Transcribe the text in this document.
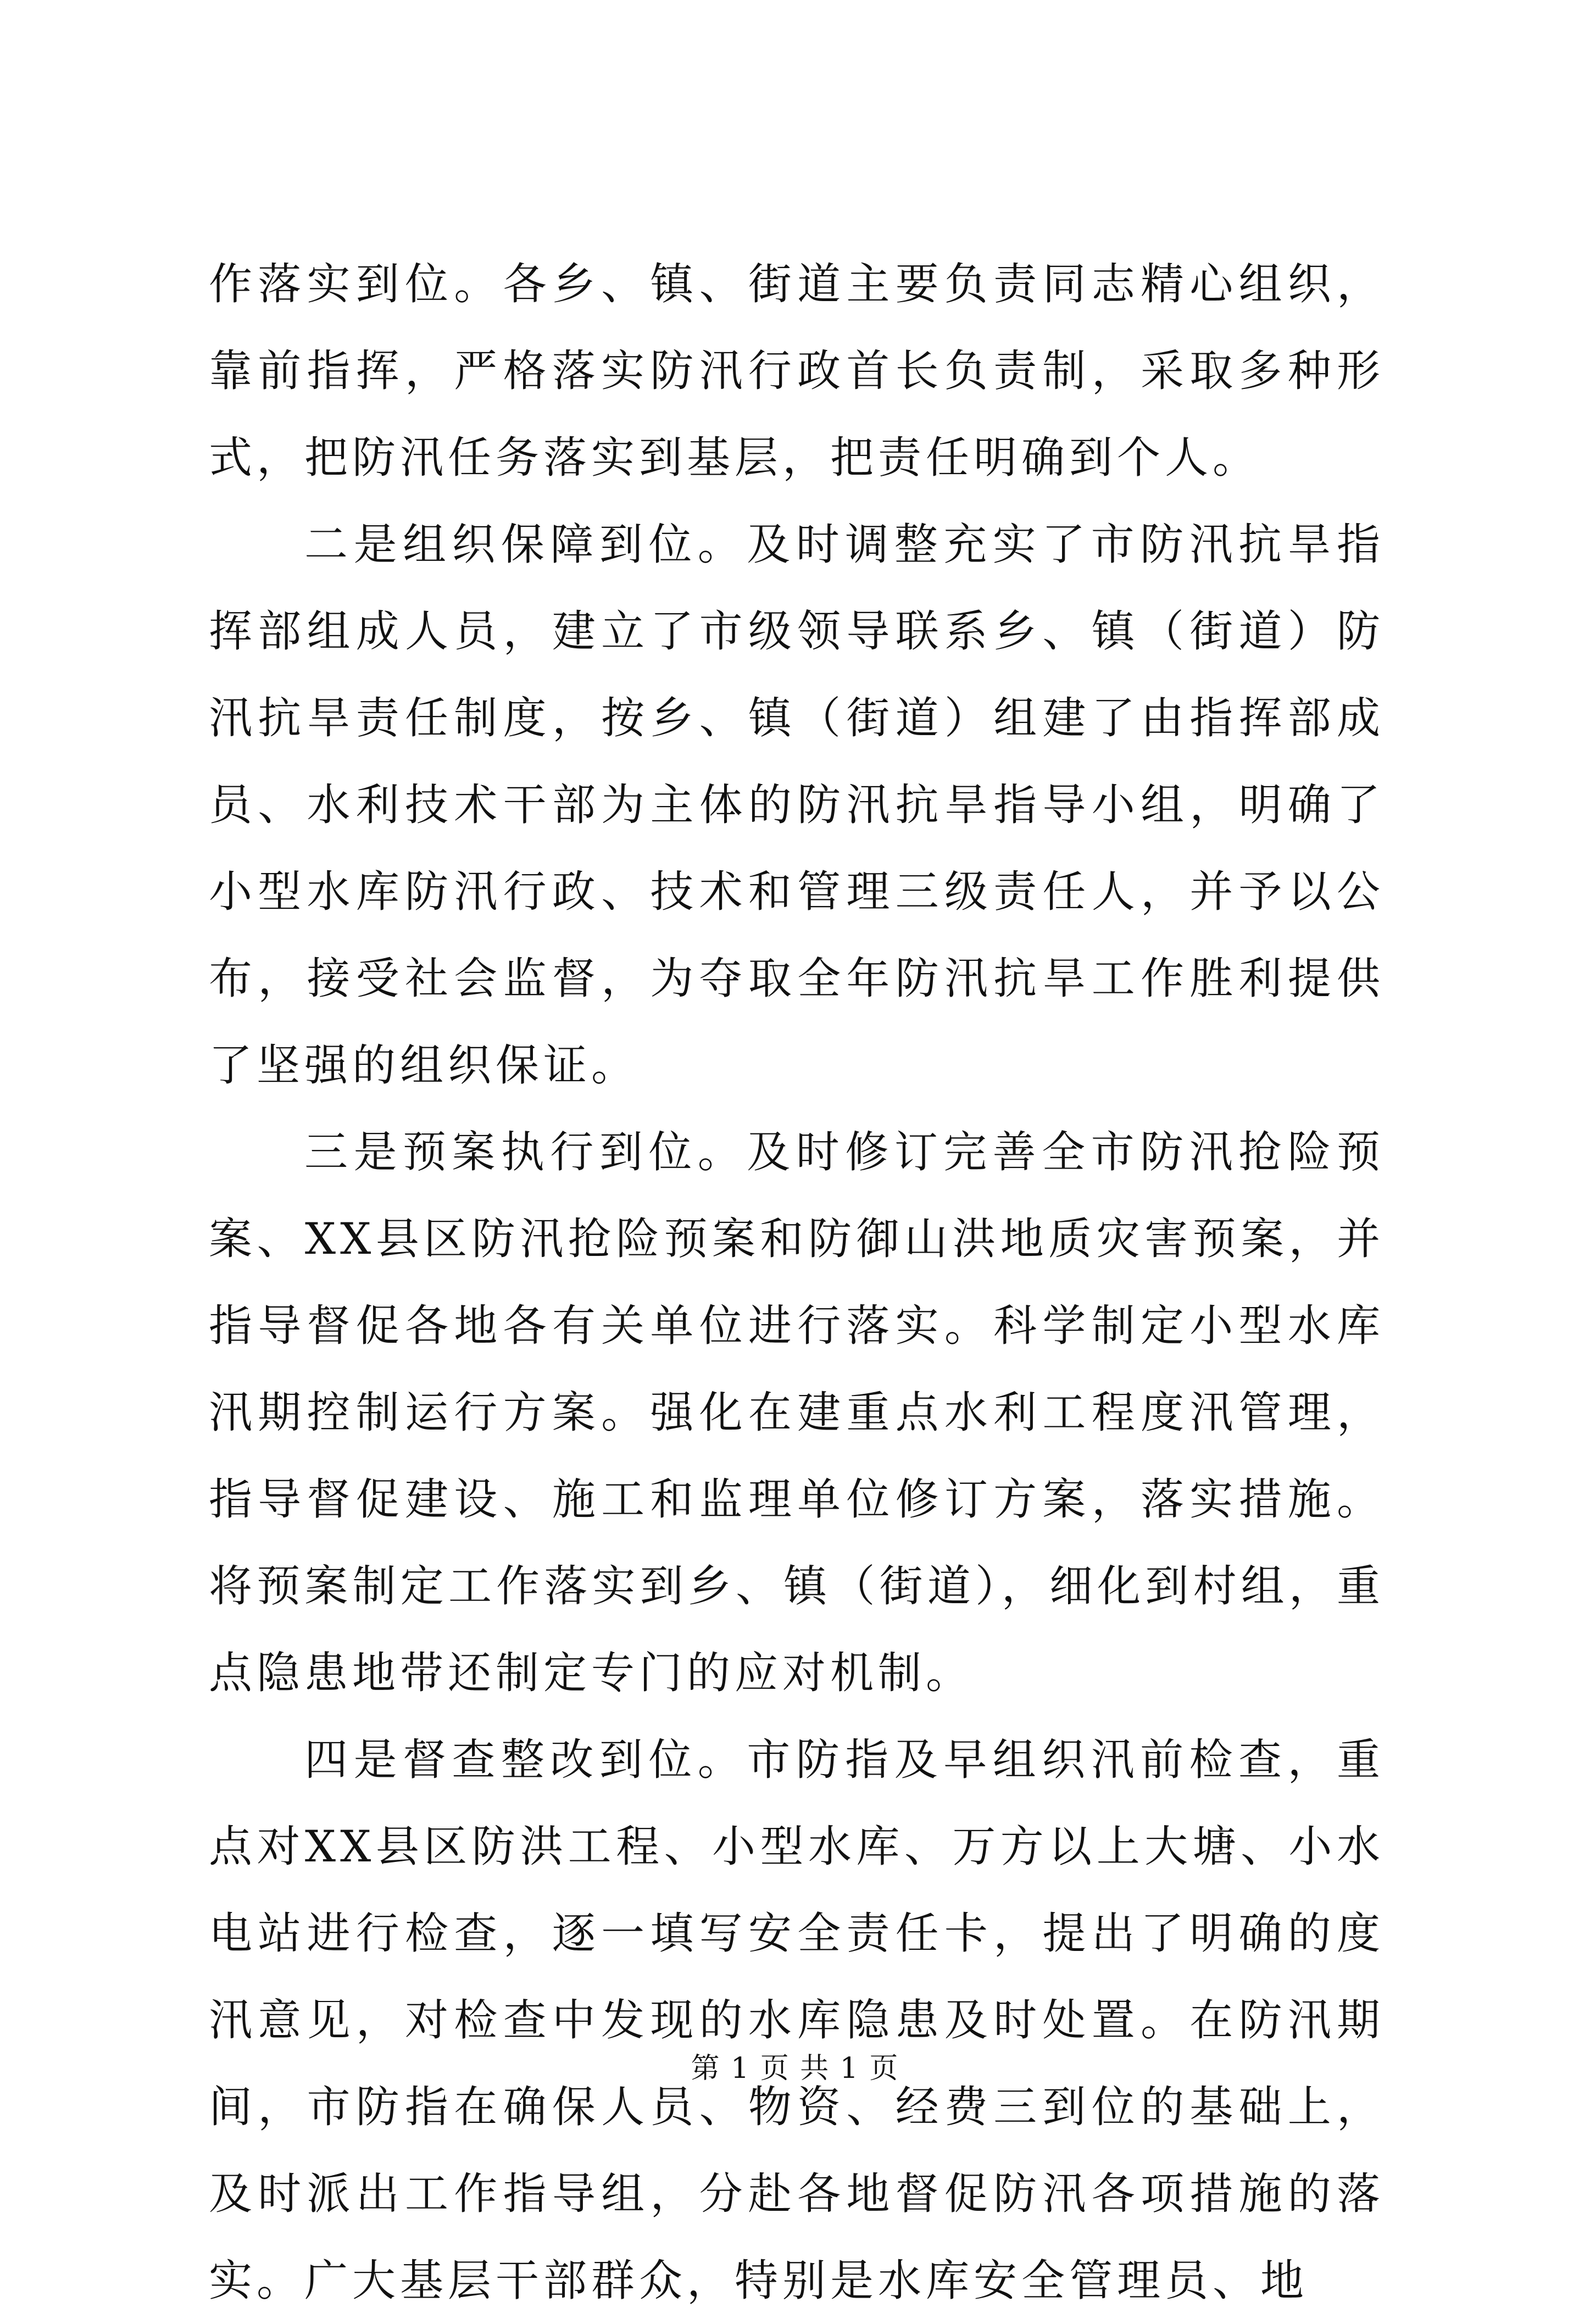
作落实到位。各乡、镇、街道主要负责同志精心组织，靠前指挥，严格落实防汛行政首长负责制，采取多种形式，把防汛任务落实到基层，把责任明确到个人。

二是组织保障到位。及时调整充实了市防汛抗旱指挥部组成人员，建立了市级领导联系乡、镇（街道）防汛抗旱责任制度，按乡、镇（街道）组建了由指挥部成员、水利技术干部为主体的防汛抗旱指导小组，明确了小型水库防汛行政、技术和管理三级责任人，并予以公布，接受社会监督，为夺取全年防汛抗旱工作胜利提供了坚强的组织保证。

三是预案执行到位。及时修订完善全市防汛抢险预案、XX县区防汛抢险预案和防御山洪地质灾害预案，并指导督促各地各有关单位进行落实。科学制定小型水库汛期控制运行方案。强化在建重点水利工程度汛管理，指导督促建设、施工和监理单位修订方案，落实措施。将预案制定工作落实到乡、镇（街道），细化到村组，重点隐患地带还制定专门的应对机制。

四是督查整改到位。市防指及早组织汛前检查，重点对XX县区防洪工程、小型水库、万方以上大塘、小水电站进行检查，逐一填写安全责任卡，提出了明确的度汛意见，对检查中发现的水库隐患及时处置。在防汛期间，市防指在确保人员、物资、经费三到位的基础上，及时派出工作指导组，分赴各地督促防汛各项措施的落实。广大基层干部群众，特别是水库安全管理员、地

第 1 页 共 1 页
